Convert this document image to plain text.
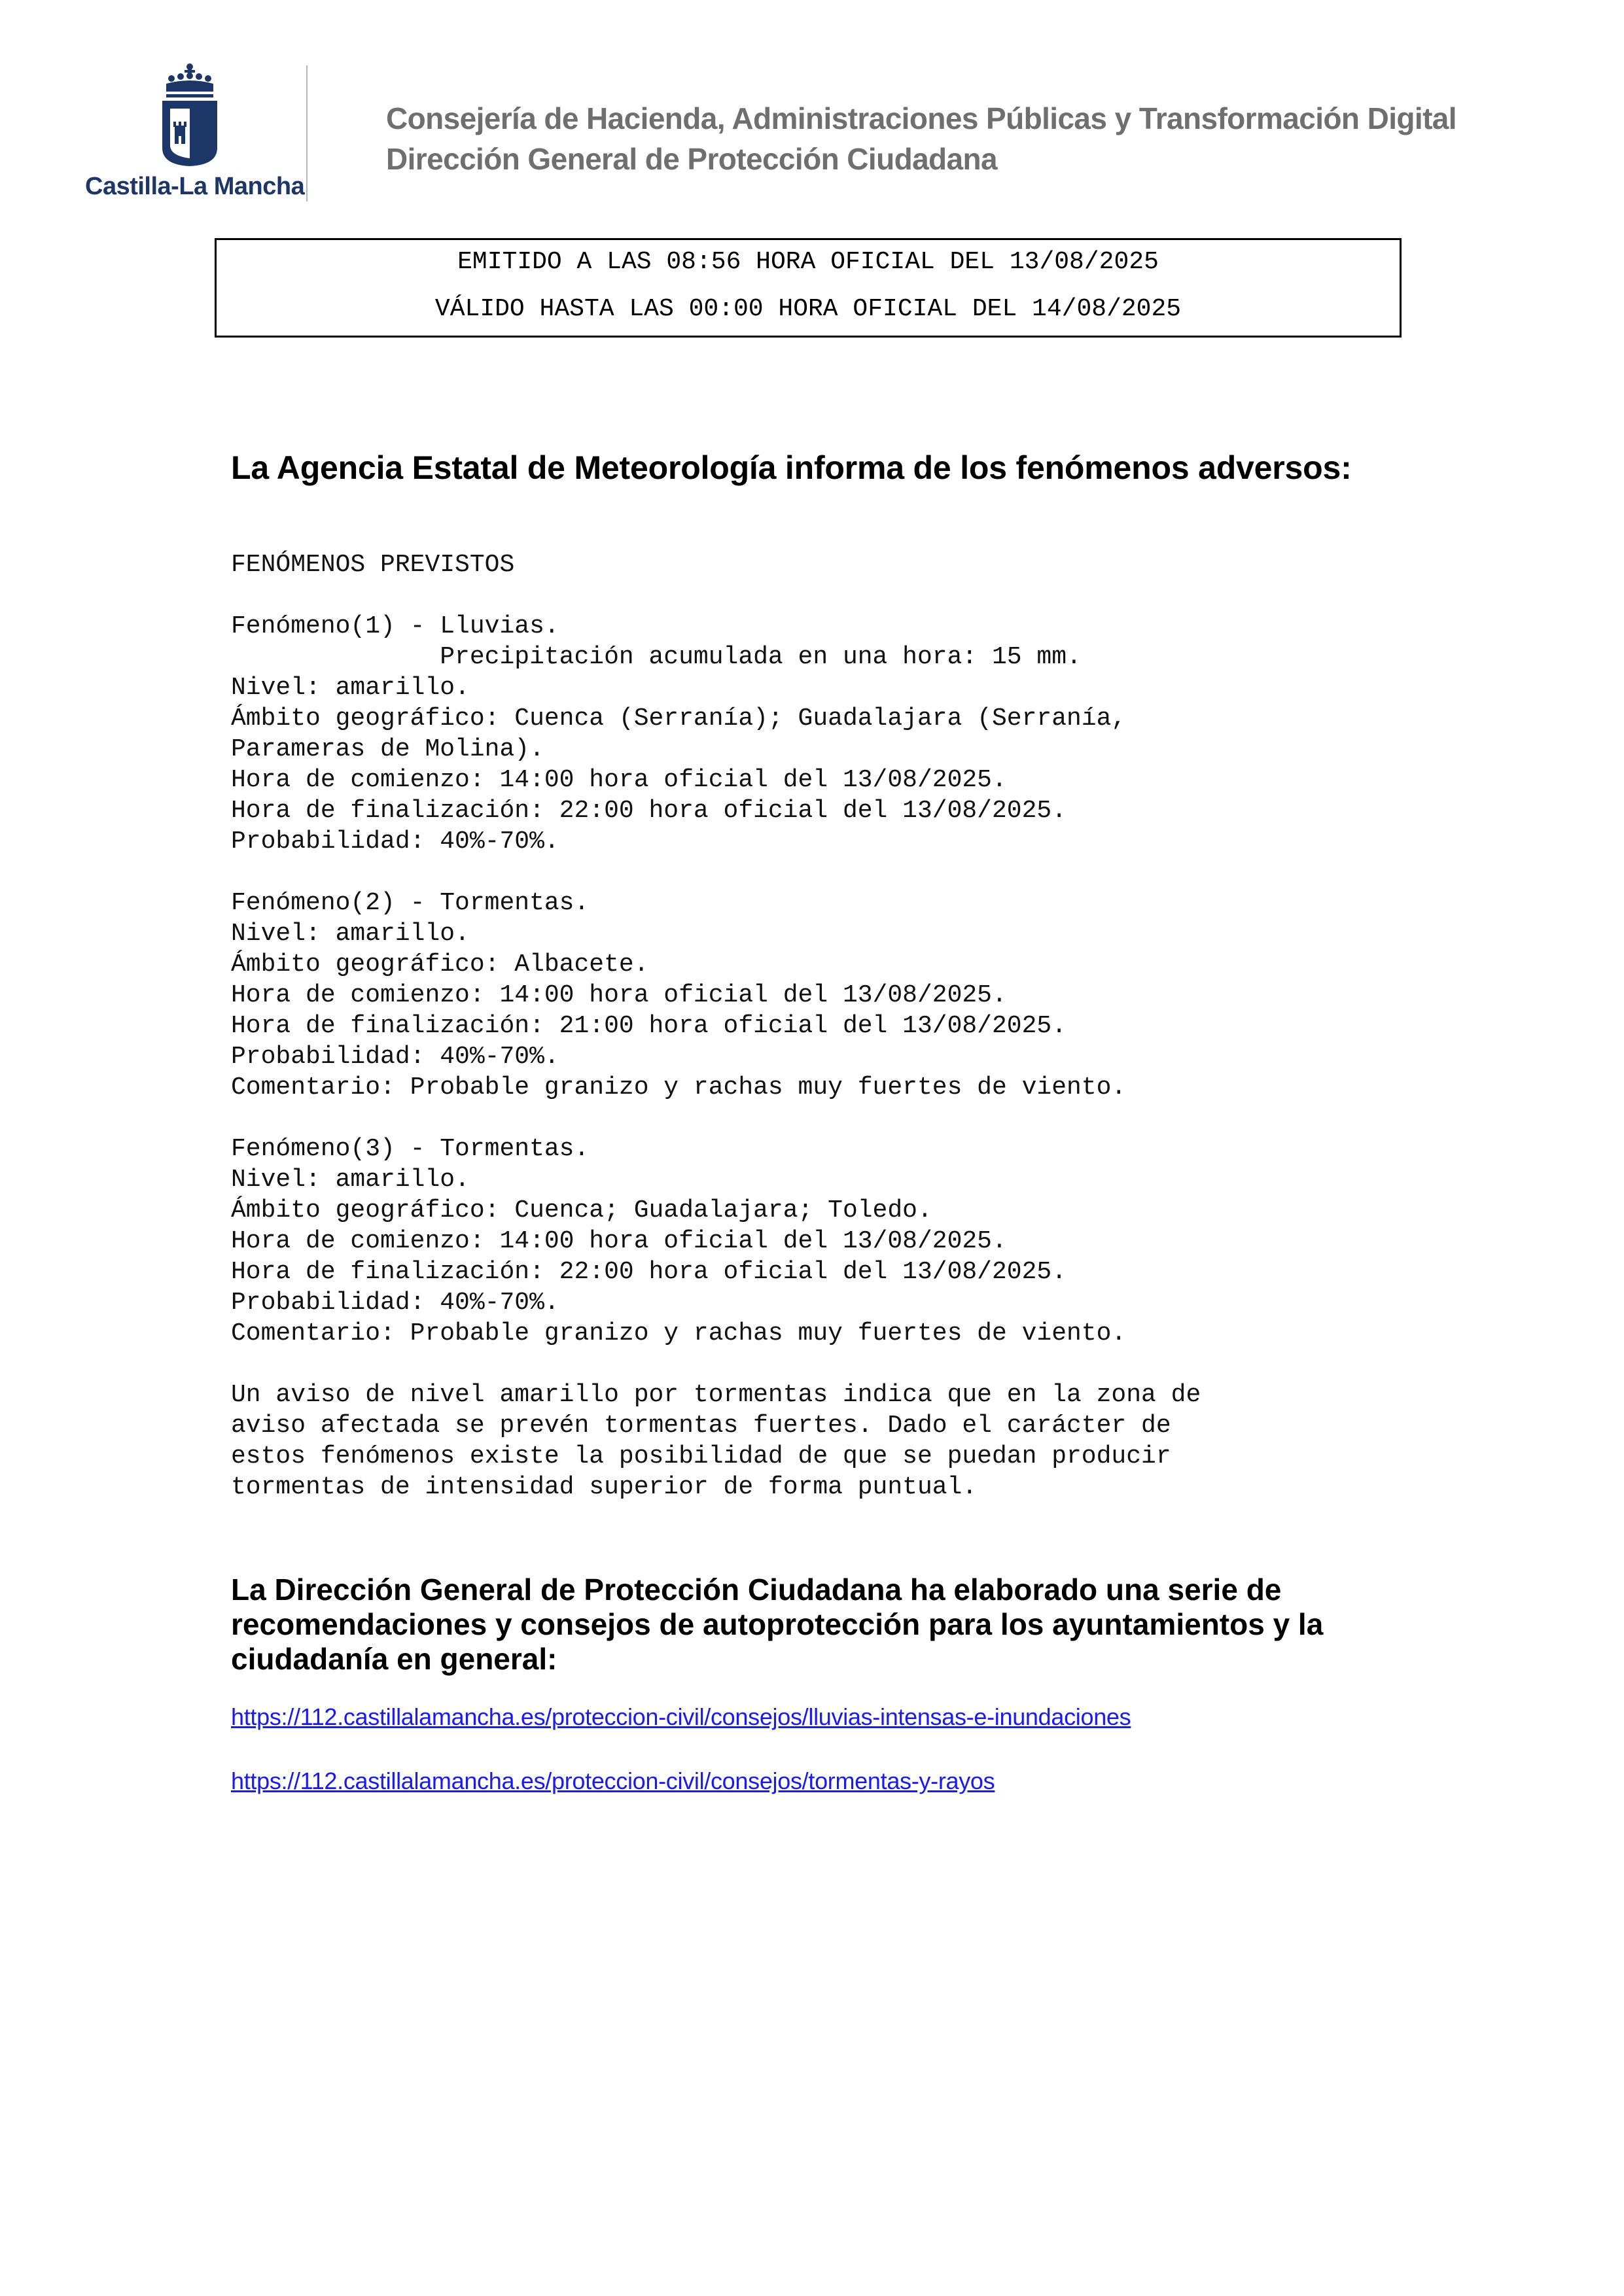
Castilla-La Mancha
Consejería de Hacienda, Administraciones Públicas y Transformación Digital
Dirección General de Protección Ciudadana
EMITIDO A LAS 08:56 HORA OFICIAL DEL 13/08/2025
VÁLIDO HASTA LAS 00:00 HORA OFICIAL DEL 14/08/2025
La Agencia Estatal de Meteorología informa de los fenómenos adversos:
FENÓMENOS PREVISTOS
Fenómeno(1) - Lluvias.
Precipitación acumulada en una hora: 15 mm.
Nivel: amarillo.
Ámbito geográfico: Cuenca (Serranía); Guadalajara (Serranía,
Parameras de Molina).
Hora de comienzo: 14:00 hora oficial del 13/08/2025.
Hora de finalización: 22:00 hora oficial del 13/08/2025.
Probabilidad: 40%-70%.
Fenómeno(2) - Tormentas.
Nivel: amarillo.
Ámbito geográfico: Albacete.
Hora de comienzo: 14:00 hora oficial del 13/08/2025.
Hora de finalización: 21:00 hora oficial del 13/08/2025.
Probabilidad: 40%-70%.
Comentario: Probable granizo y rachas muy fuertes de viento.
Fenómeno(3) - Tormentas.
Nivel: amarillo.
Ámbito geográfico: Cuenca; Guadalajara; Toledo.
Hora de comienzo: 14:00 hora oficial del 13/08/2025.
Hora de finalización: 22:00 hora oficial del 13/08/2025.
Probabilidad: 40%-70%.
Comentario: Probable granizo y rachas muy fuertes de viento.
Un aviso de nivel amarillo por tormentas indica que en la zona de
aviso afectada se prevén tormentas fuertes. Dado el carácter de
estos fenómenos existe la posibilidad de que se puedan producir
tormentas de intensidad superior de forma puntual.
La Dirección General de Protección Ciudadana ha elaborado una serie de recomendaciones y consejos de autoprotección para los ayuntamientos y la ciudadanía en general:
https://112.castillalamancha.es/proteccion-civil/consejos/lluvias-intensas-e-inundaciones
https://112.castillalamancha.es/proteccion-civil/consejos/tormentas-y-rayos
